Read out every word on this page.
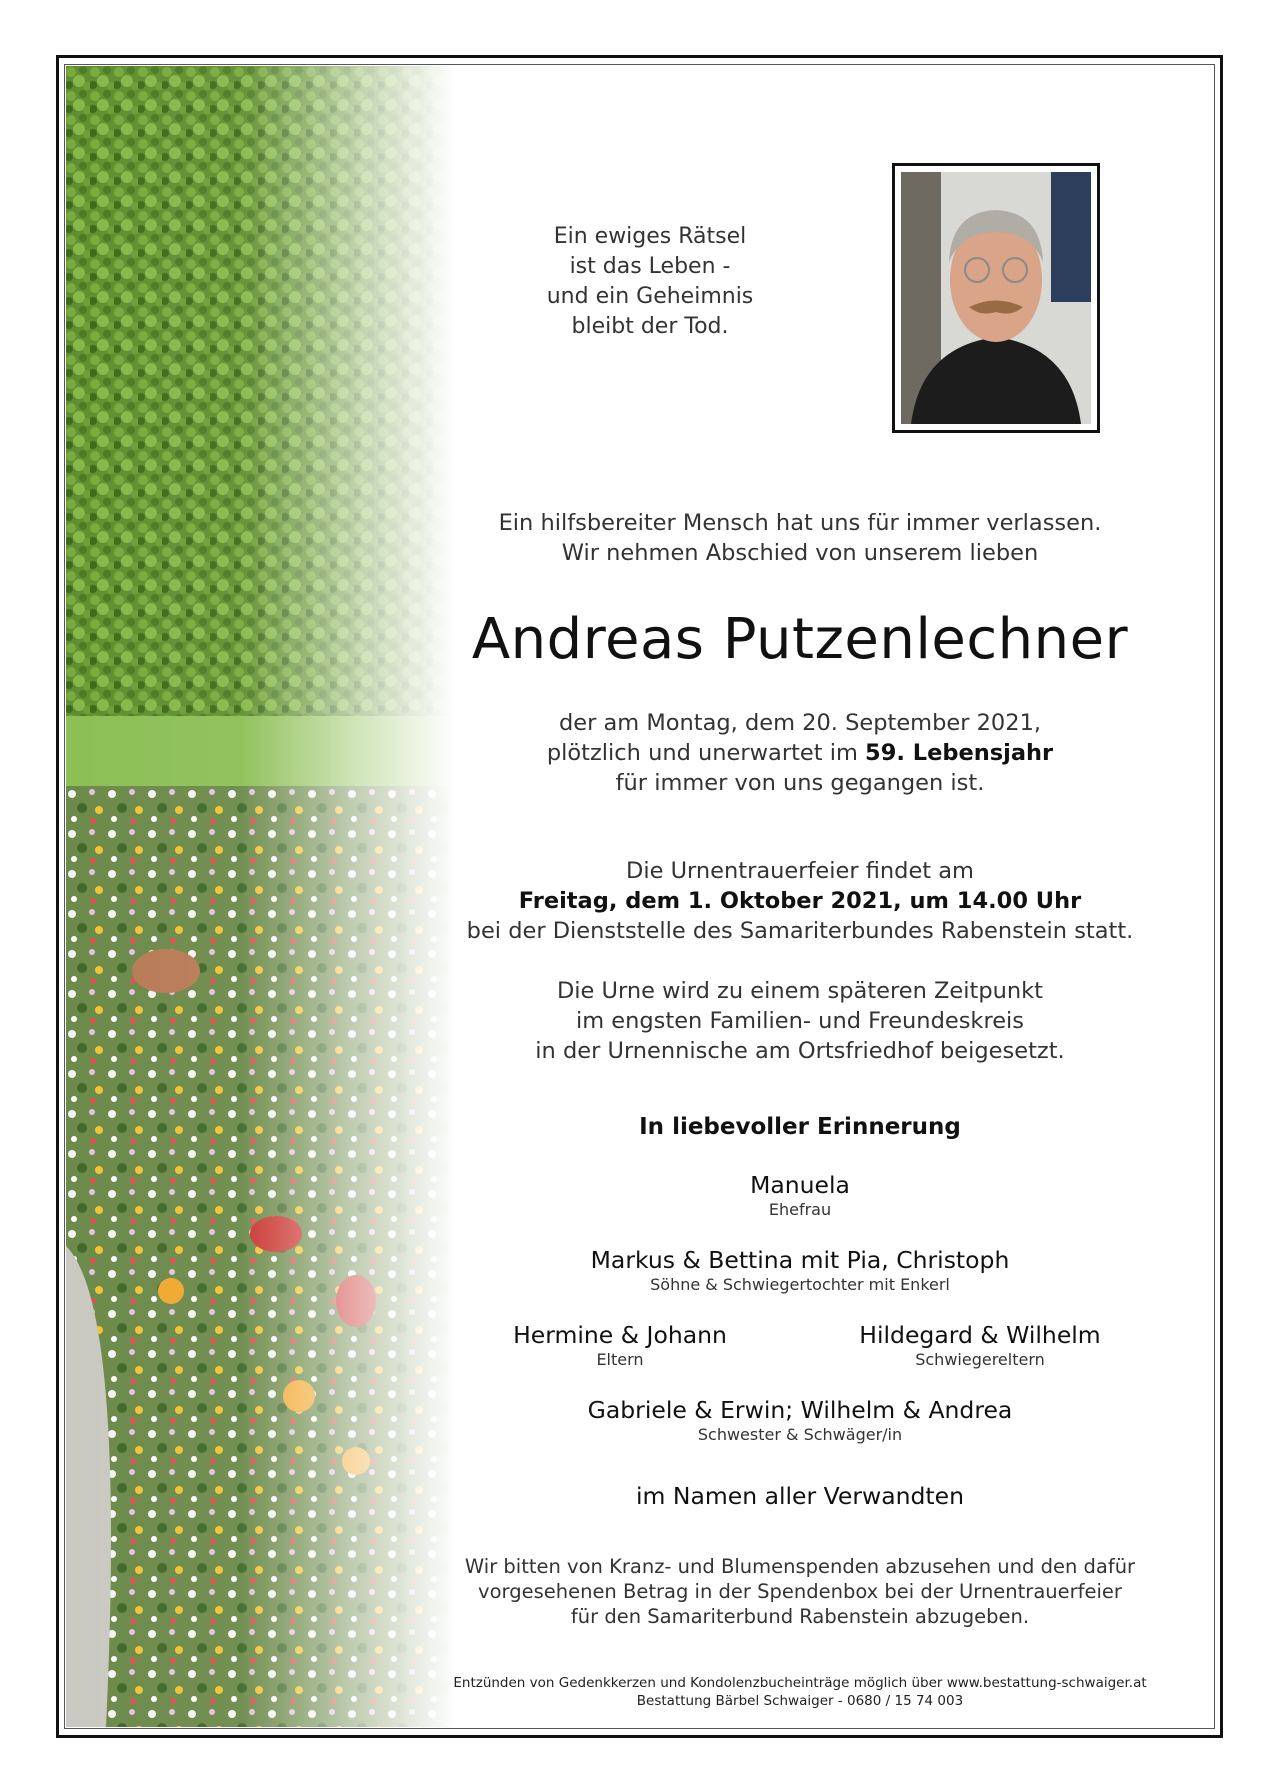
Ein ewiges Rätsel
ist das Leben -
und ein Geheimnis
bleibt der Tod.
Ein hilfsbereiter Mensch hat uns für immer verlassen.
Wir nehmen Abschied von unserem lieben
Andreas Putzenlechner
der am Montag, dem 20. September 2021,
plötzlich und unerwartet im 59. Lebensjahr
für immer von uns gegangen ist.
Die Urnentrauerfeier findet am
Freitag, dem 1. Oktober 2021, um 14.00 Uhr
bei der Dienststelle des Samariterbundes Rabenstein statt.
Die Urne wird zu einem späteren Zeitpunkt
im engsten Familien- und Freundeskreis
in der Urnennische am Ortsfriedhof beigesetzt.
In liebevoller Erinnerung
Manuela
Ehefrau
Markus & Bettina mit Pia, Christoph
Söhne & Schwiegertochter mit Enkerl
Hermine & Johann
Eltern
Hildegard & Wilhelm
Schwiegereltern
Gabriele & Erwin; Wilhelm & Andrea
Schwester & Schwäger/in
im Namen aller Verwandten
Wir bitten von Kranz- und Blumenspenden abzusehen und den dafür
vorgesehenen Betrag in der Spendenbox bei der Urnentrauerfeier
für den Samariterbund Rabenstein abzugeben.
Entzünden von Gedenkkerzen und Kondolenzbucheinträge möglich über www.bestattung-schwaiger.at
Bestattung Bärbel Schwaiger - 0680 / 15 74 003
